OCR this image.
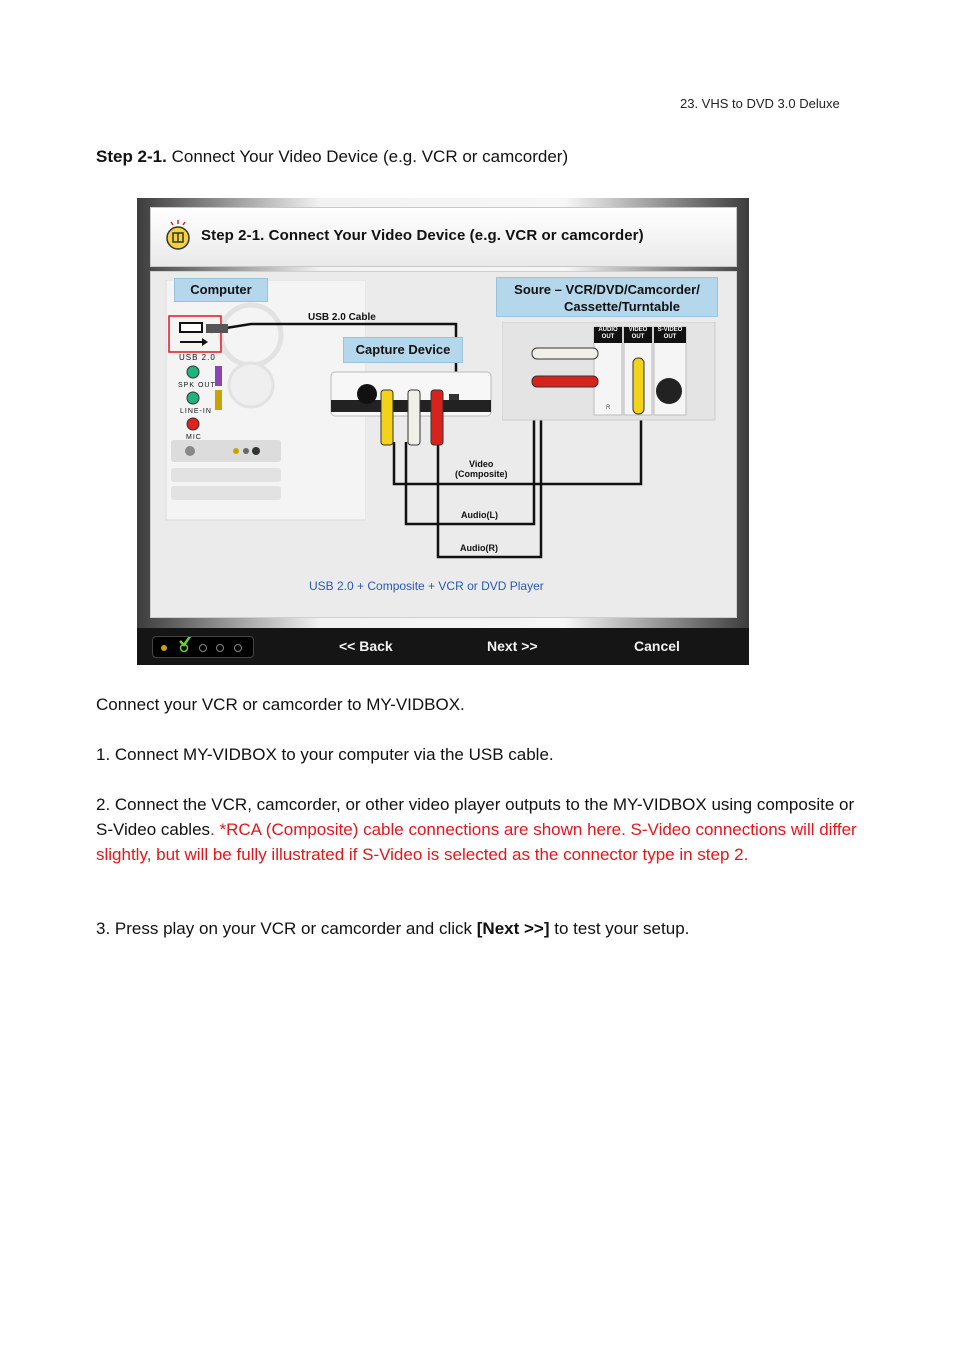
23. VHS to DVD 3.0 Deluxe
Step 2-1. Connect Your Video Device (e.g. VCR or camcorder)
Step 2-1. Connect Your Video Device (e.g. VCR or camcorder)
Computer
USB 2.0
SPK OUT
LINE-IN
MIC
USB 2.0 Cable
Capture Device
Soure – VCR/DVD/Camcorder/
Cassette/Turntable
AUDIO OUT
VIDEO OUT
S-VIDEO OUT
R
Video
(Composite)
Audio(L)
Audio(R)
USB 2.0 + Composite + VCR or DVD Player
<< Back	Next >>	Cancel
Connect your VCR or camcorder to MY-VIDBOX.
1. Connect MY-VIDBOX to your computer via the USB cable.
2. Connect the VCR, camcorder, or other video player outputs to the MY-VIDBOX using composite or S-Video cables. *RCA (Composite) cable connections are shown here. S-Video connections will differ slightly, but will be fully illustrated if S-Video is selected as the connector type in step 2.
3. Press play on your VCR or camcorder and click [Next >>] to test your setup.
